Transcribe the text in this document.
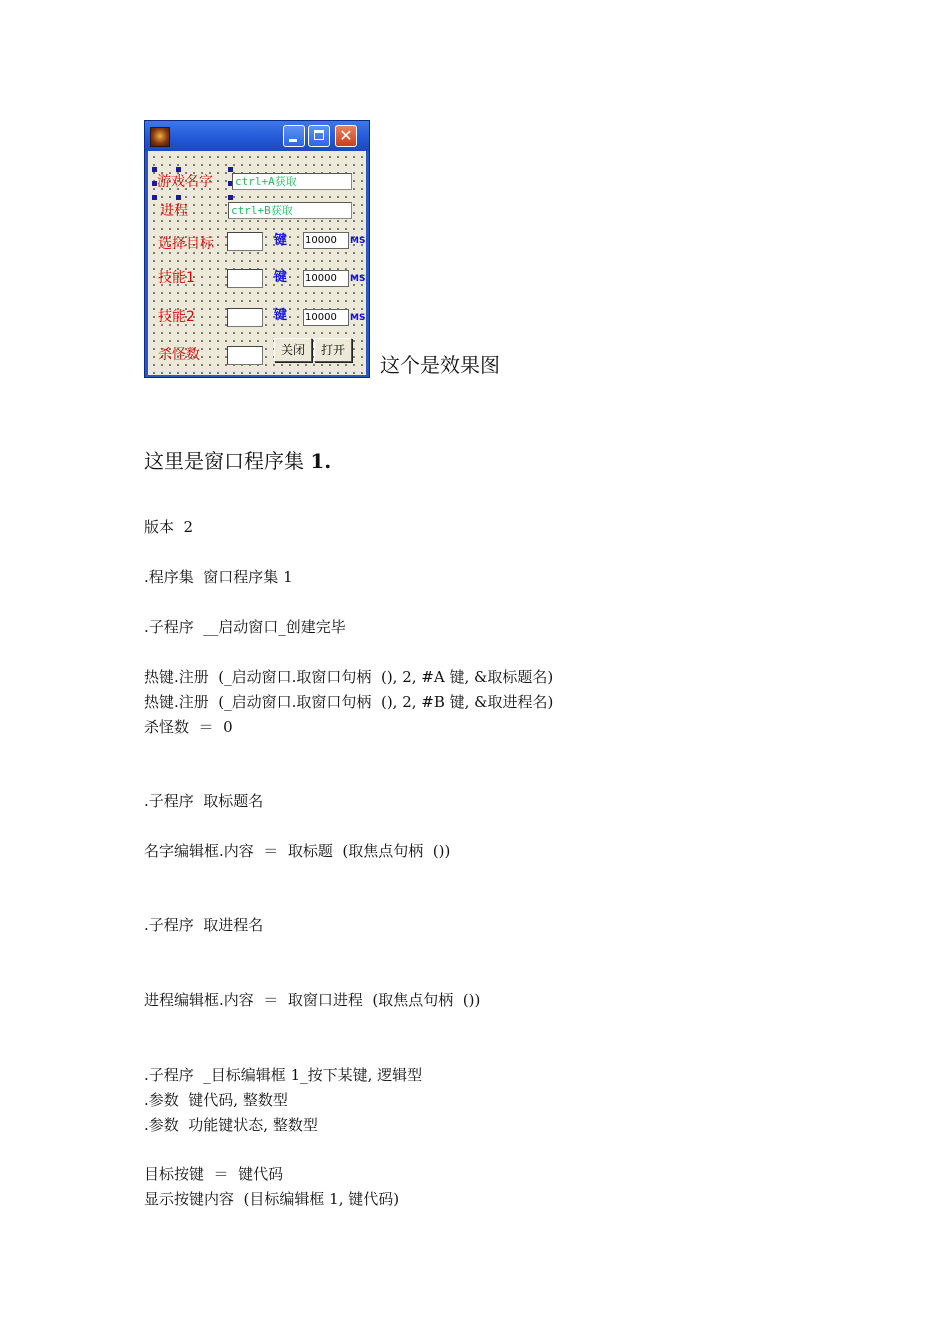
✕
游戏名字 ctrl+A获取
进程	ctrl+B获取
选择目标	键 10000	MS
技能1	键 10000	MS
技能2	键 10000	MS
杀怪数	关闭	打开
这个是效果图
这里是窗口程序集 1.
版本  2
.程序集  窗口程序集 1
.子程序  __启动窗口_创建完毕
热键.注册  (_启动窗口.取窗口句柄  (), 2, #A 键, &取标题名)
热键.注册  (_启动窗口.取窗口句柄  (), 2, #B 键, &取进程名)
杀怪数  ＝  0
.子程序  取标题名
名字编辑框.内容  ＝  取标题  (取焦点句柄  ())
.子程序  取进程名
进程编辑框.内容  ＝  取窗口进程  (取焦点句柄  ())
.子程序  _目标编辑框 1_按下某键, 逻辑型
.参数  键代码, 整数型
.参数  功能键状态, 整数型
目标按键  ＝  键代码
显示按键内容  (目标编辑框 1, 键代码)
